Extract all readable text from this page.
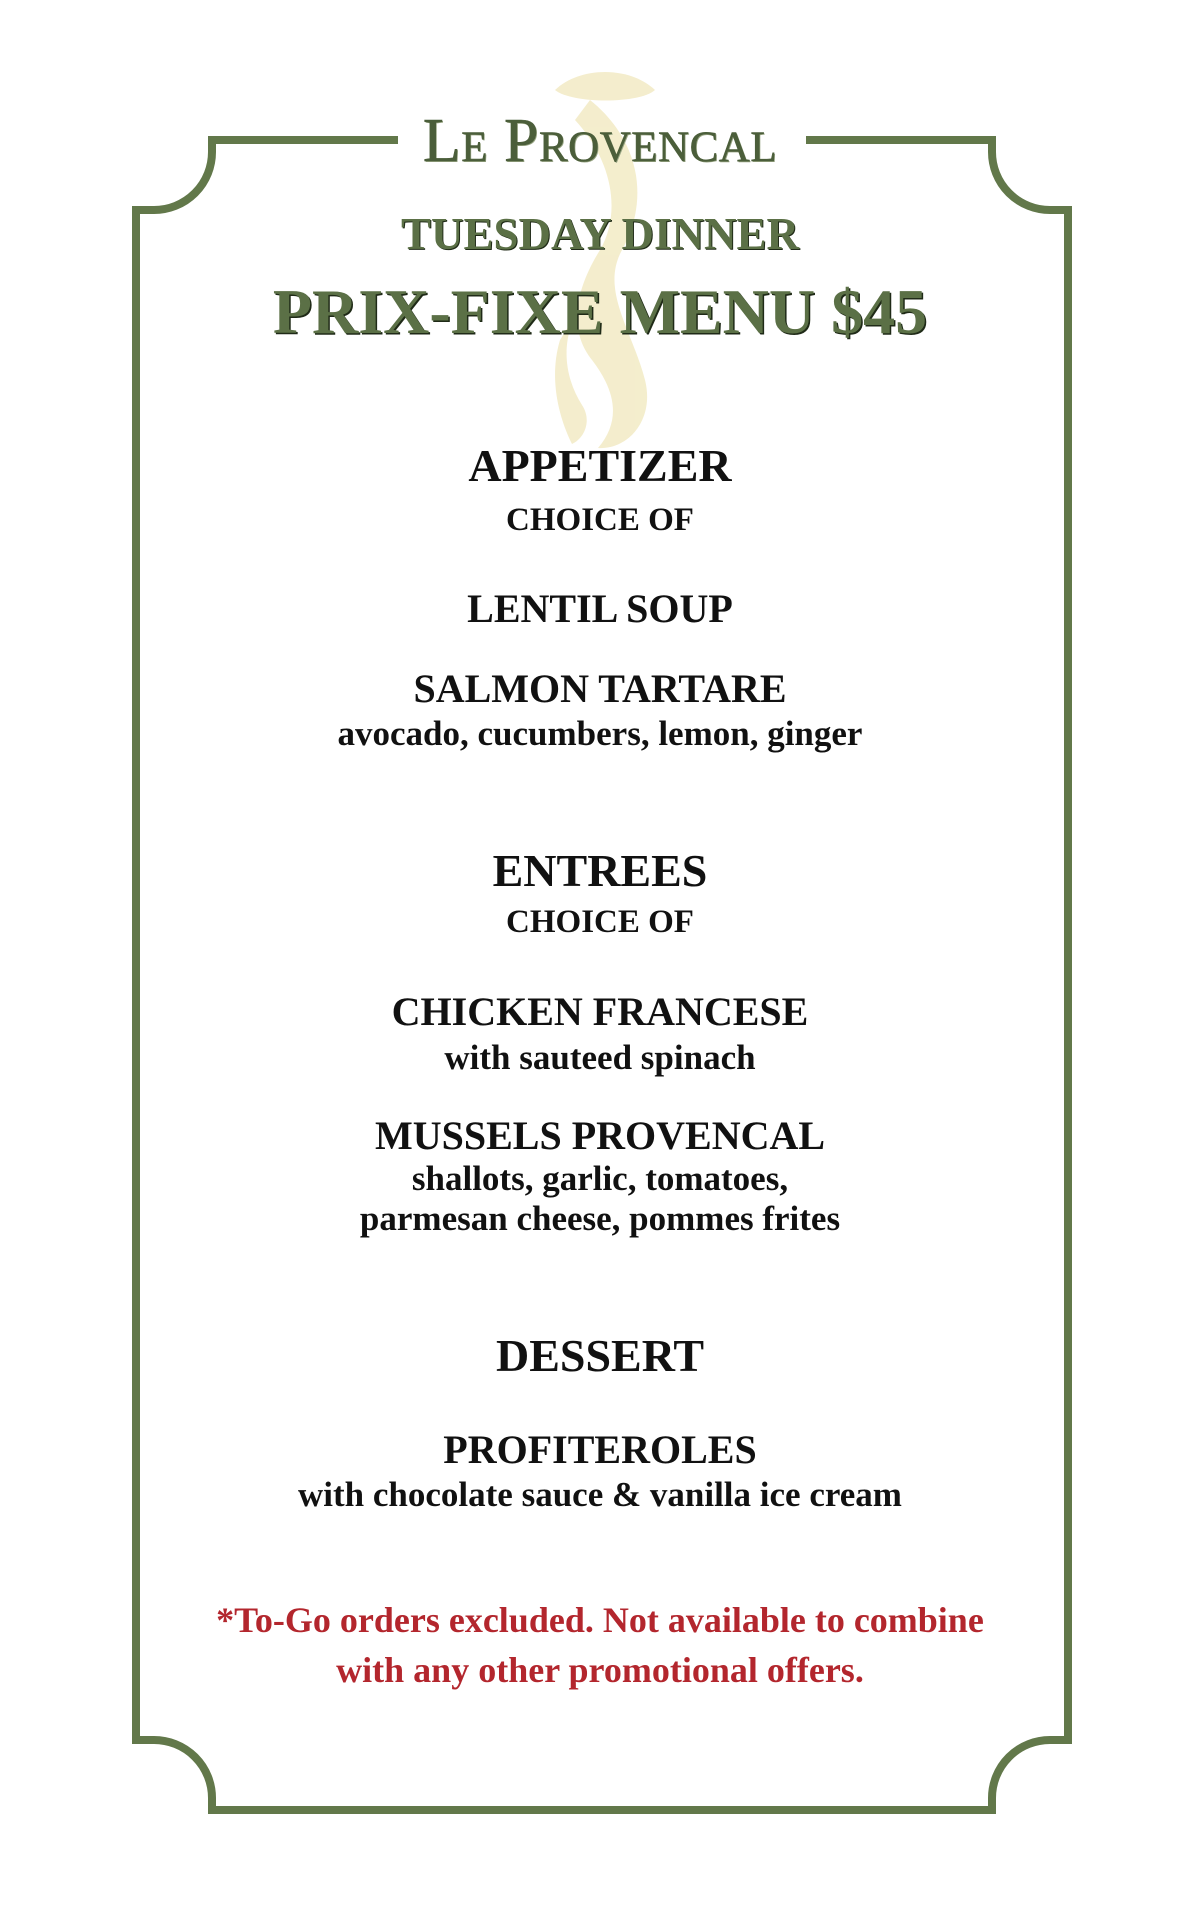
Le Provencal

TUESDAY DINNER

PRIX-FIXE MENU $45

APPETIZER

CHOICE OF

LENTIL SOUP

SALMON TARTARE

avocado, cucumbers, lemon, ginger

ENTREES

CHOICE OF

CHICKEN FRANCESE

with sauteed spinach

MUSSELS PROVENCAL

shallots, garlic, tomatoes,

parmesan cheese, pommes frites

DESSERT

PROFITEROLES

with chocolate sauce & vanilla ice cream

*To-Go orders excluded. Not available to combine

with any other promotional offers.
